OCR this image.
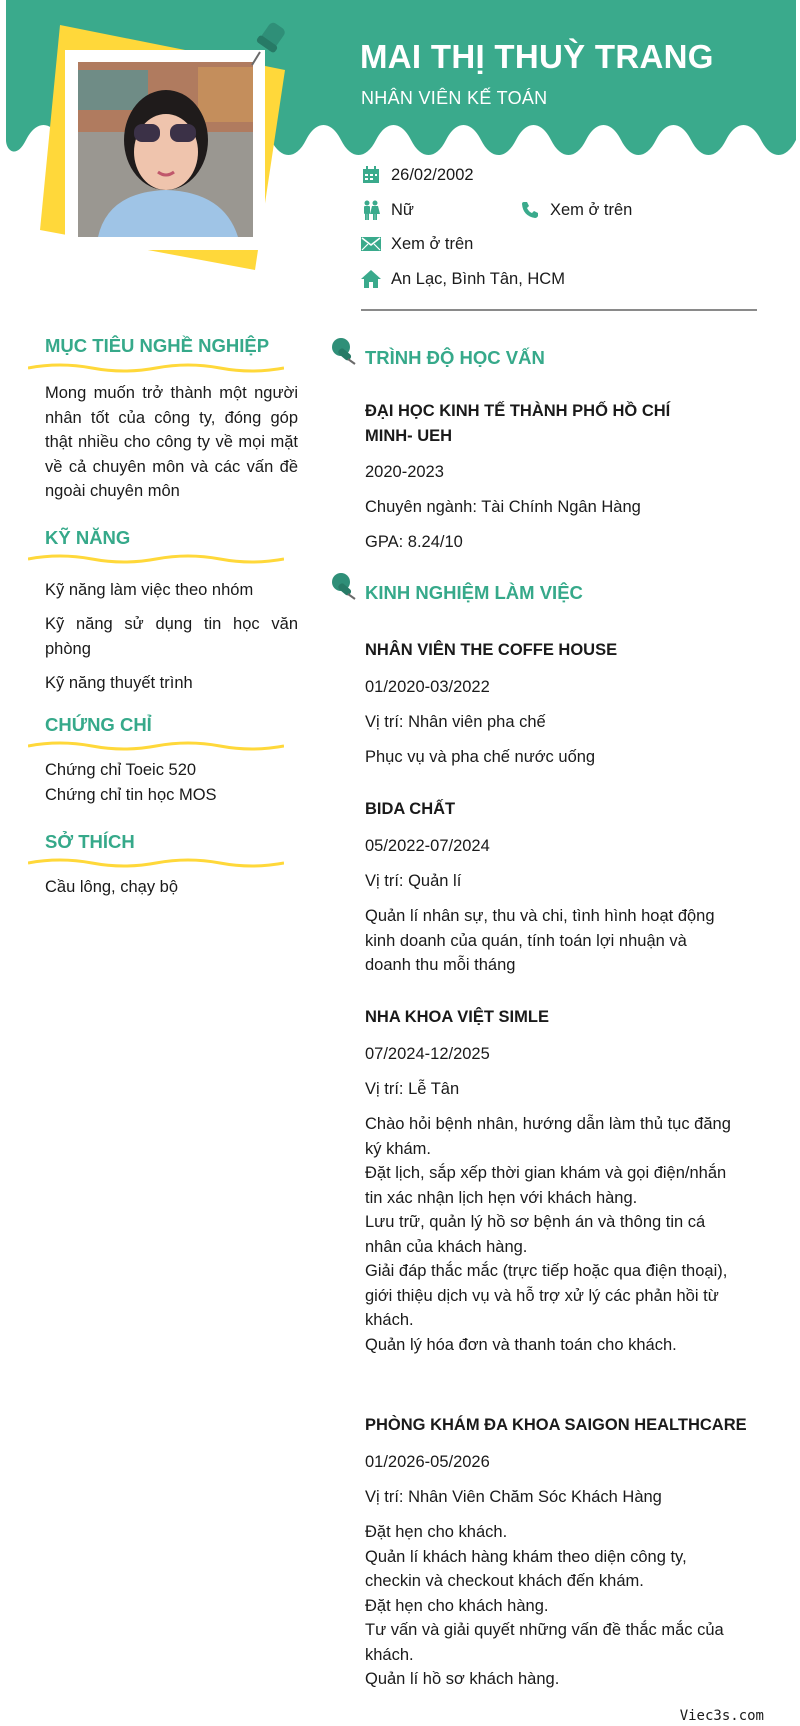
MAI THỊ THUỲ TRANG
NHÂN VIÊN KẾ TOÁN
26/02/2002
Nữ	Xem ở trên
Xem ở trên
An Lạc, Bình Tân, HCM
MỤC TIÊU NGHỀ NGHIỆP
Mong muốn trở thành một người nhân tốt của công ty, đóng góp thật nhiều cho công ty về mọi mặt về cả chuyên môn và các vấn đề ngoài chuyên môn
KỸ NĂNG
Kỹ năng làm việc theo nhóm
Kỹ năng sử dụng tin học văn phòng
Kỹ năng thuyết trình
CHỨNG CHỈ
Chứng chỉ Toeic 520
Chứng chỉ tin học MOS
SỞ THÍCH
Cầu lông, chạy bộ
TRÌNH ĐỘ HỌC VẤN
ĐẠI HỌC KINH TẾ THÀNH PHỐ HỒ CHÍ MINH- UEH
2020-2023
Chuyên ngành: Tài Chính Ngân Hàng
GPA: 8.24/10
KINH NGHIỆM LÀM VIỆC
NHÂN VIÊN THE COFFE HOUSE
01/2020-03/2022
Vị trí: Nhân viên pha chế
Phục vụ và pha chế nước uống
BIDA CHẤT
05/2022-07/2024
Vị trí: Quản lí
Quản lí nhân sự, thu và chi, tình hình hoạt động kinh doanh của quán, tính toán lợi nhuận và doanh thu mỗi tháng
NHA KHOA VIỆT SIMLE
07/2024-12/2025
Vị trí: Lễ Tân
Chào hỏi bệnh nhân, hướng dẫn làm thủ tục đăng ký khám.
Đặt lịch, sắp xếp thời gian khám và gọi điện/nhắn tin xác nhận lịch hẹn với khách hàng.
Lưu trữ, quản lý hồ sơ bệnh án và thông tin cá nhân của khách hàng.
Giải đáp thắc mắc (trực tiếp hoặc qua điện thoại), giới thiệu dịch vụ và hỗ trợ xử lý các phản hồi từ khách.
Quản lý hóa đơn và thanh toán cho khách.
PHÒNG KHÁM ĐA KHOA SAIGON HEALTHCARE
01/2026-05/2026
Vị trí: Nhân Viên Chăm Sóc Khách Hàng
Đặt hẹn cho khách.
Quản lí khách hàng khám theo diện công ty, checkin và checkout khách đến khám.
Đặt hẹn cho khách hàng.
Tư vấn và giải quyết những vấn đề thắc mắc của khách.
Quản lí hồ sơ khách hàng.
Viec3s.com
